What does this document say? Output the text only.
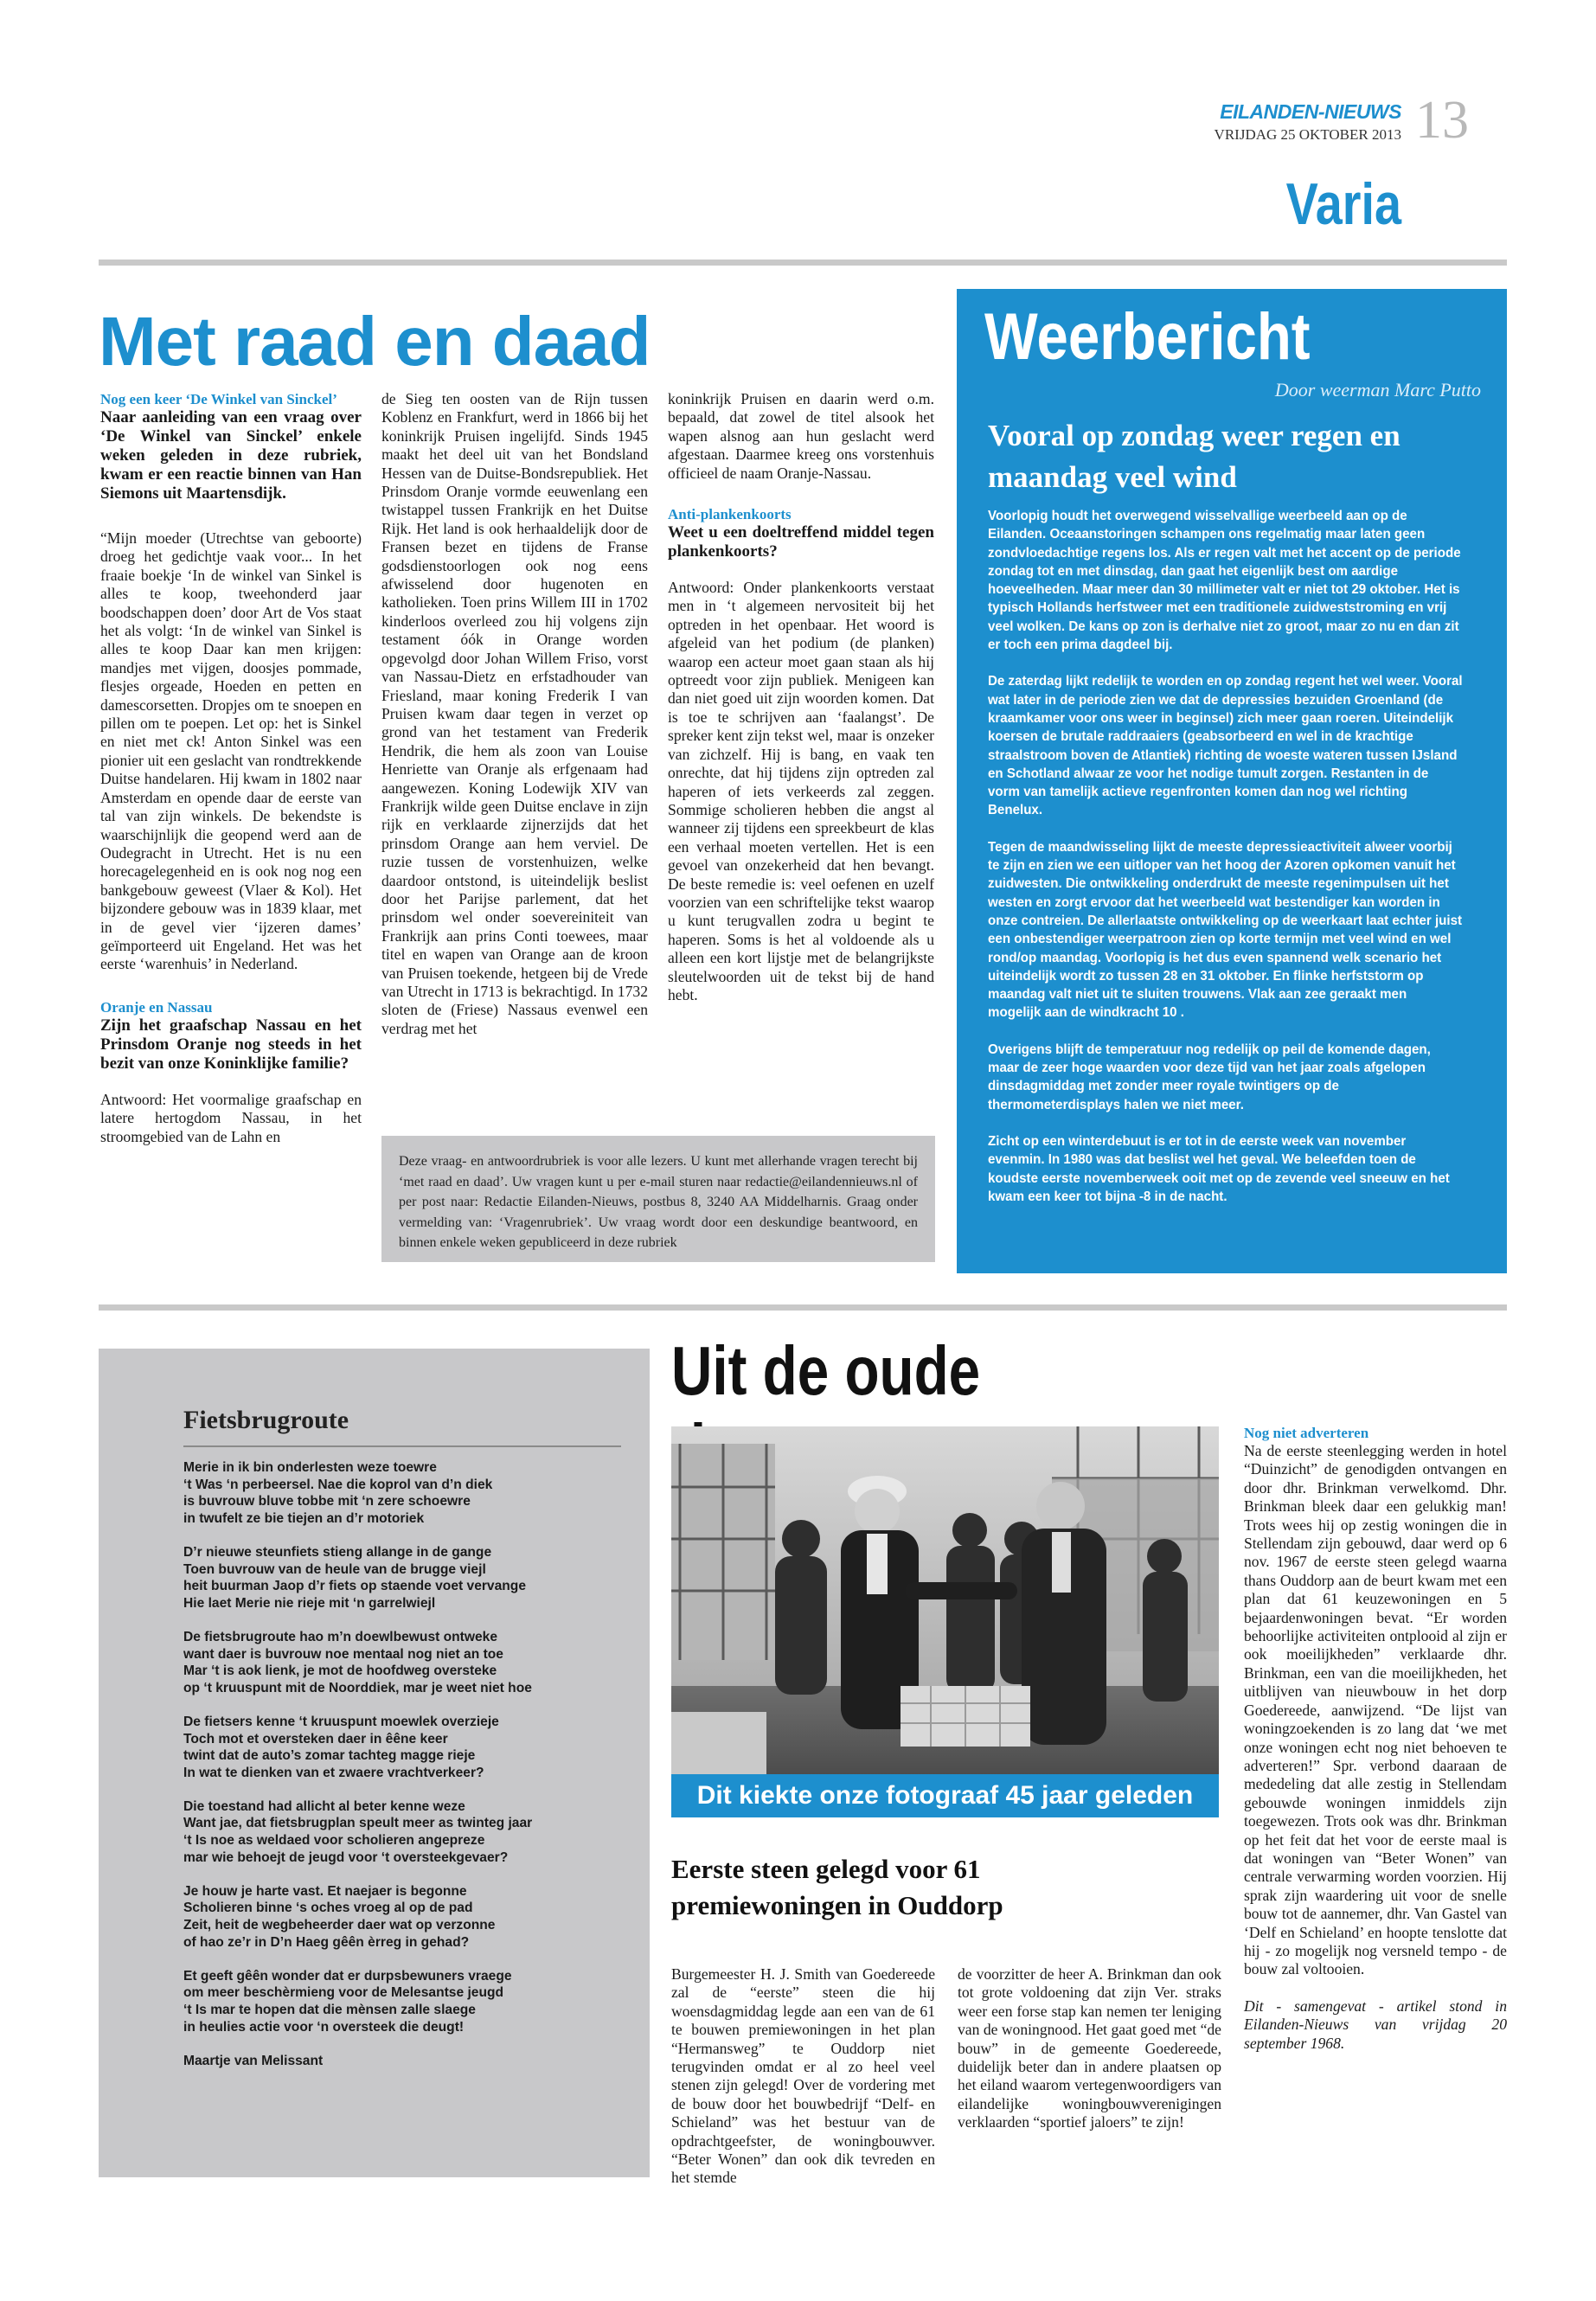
EILANDEN-NIEUWS
VRIJDAG 25 OKTOBER 2013 13
Varia
Met raad en daad

Nog een keer ‘De Winkel van Sinckel’

Naar aanleiding van een vraag over ‘De Winkel van Sinckel’ enkele weken geleden in deze rubriek, kwam er een reactie binnen van Han Siemons uit Maartensdijk.

“Mijn moeder (Utrechtse van geboorte) droeg het gedichtje vaak voor... In het fraaie boekje ‘In de winkel van Sinkel is alles te koop, tweehonderd jaar boodschappen doen’ door Art de Vos staat het als volgt: ‘In de winkel van Sinkel is alles te koop Daar kan men krijgen: mandjes met vijgen, doosjes pommade, flesjes orgeade, Hoeden en petten en damescorsetten. Dropjes om te snoepen en pillen om te poepen. Let op: het is Sinkel en niet met ck! Anton Sinkel was een pionier uit een geslacht van rondtrekkende Duitse handelaren. Hij kwam in 1802 naar Amsterdam en opende daar de eerste van tal van zijn winkels. De bekendste is waarschijnlijk die geopend werd aan de Oudegracht in Utrecht. Het is nu een horecagelegenheid en is ook nog nog een bankgebouw geweest (Vlaer & Kol). Het bijzondere gebouw was in 1839 klaar, met in de gevel vier ‘ijzeren dames’ geïmporteerd uit Engeland. Het was het eerste ‘warenhuis’ in Nederland.

Oranje en Nassau

Zijn het graafschap Nassau en het Prinsdom Oranje nog steeds in het bezit van onze Koninklijke familie?

Antwoord: Het voormalige graafschap en latere hertogdom Nassau, in het stroomgebied van de Lahn en

de Sieg ten oosten van de Rijn tussen Koblenz en Frankfurt, werd in 1866 bij het koninkrijk Pruisen ingelijfd. Sinds 1945 maakt het deel uit van het Bondsland Hessen van de Duitse-Bondsrepubliek. Het Prinsdom Oranje vormde eeuwenlang een twistappel tussen Frankrijk en het Duitse Rijk. Het land is ook herhaaldelijk door de Fransen bezet en tijdens de Franse godsdienstoorlogen ook nog eens afwisselend door hugenoten en katholieken. Toen prins Willem III in 1702 kinderloos overleed zou hij volgens zijn testament óók in Orange worden opgevolgd door Johan Willem Friso, vorst van Nassau-Dietz en erfstadhouder van Friesland, maar koning Frederik I van Pruisen kwam daar tegen in verzet op grond van het testament van Frederik Hendrik, die hem als zoon van Louise Henriette van Oranje als erfgenaam had aangewezen. Koning Lodewijk XIV van Frankrijk wilde geen Duitse enclave in zijn rijk en verklaarde zijnerzijds dat het prinsdom Orange aan hem verviel. De ruzie tussen de vorstenhuizen, welke daardoor ontstond, is uiteindelijk beslist door het Parijse parlement, dat het prinsdom wel onder soevereiniteit van Frankrijk aan prins Conti toewees, maar titel en wapen van Orange aan de kroon van Pruisen toekende, hetgeen bij de Vrede van Utrecht in 1713 is bekrachtigd. In 1732 sloten de (Friese) Nassaus evenwel een verdrag met het

koninkrijk Pruisen en daarin werd o.m. bepaald, dat zowel de titel alsook het wapen alsnog aan hun geslacht werd afgestaan. Daarmee kreeg ons vorstenhuis officieel de naam Oranje-Nassau.

Anti-plankenkoorts

Weet u een doeltreffend middel tegen plankenkoorts?

Antwoord: Onder plankenkoorts verstaat men in ‘t algemeen nervositeit bij het optreden in het openbaar. Het woord is afgeleid van het podium (de planken) waarop een acteur moet gaan staan als hij optreedt voor zijn publiek. Menigeen kan dan niet goed uit zijn woorden komen. Dat is toe te schrijven aan ‘faalangst’. De spreker kent zijn tekst wel, maar is onzeker van zichzelf. Hij is bang, en vaak ten onrechte, dat hij tijdens zijn optreden zal haperen of iets verkeerds zal zeggen. Sommige scholieren hebben die angst al wanneer zij tijdens een spreekbeurt de klas een verhaal moeten vertellen. Het is een gevoel van onzekerheid dat hen bevangt. De beste remedie is: veel oefenen en uzelf voorzien van een schriftelijke tekst waarop u kunt terugvallen zodra u begint te haperen. Soms is het al voldoende als u alleen een kort lijstje met de belangrijkste sleutelwoorden uit de tekst bij de hand hebt.

Deze vraag- en antwoordrubriek is voor alle lezers. U kunt met allerhande vragen terecht bij ‘met raad en daad’. Uw vragen kunt u per e-mail sturen naar redactie@eilandennieuws.nl of per post naar: Redactie Eilanden-Nieuws, postbus 8, 3240 AA Middelharnis. Graag onder vermelding van: ‘Vragenrubriek’. Uw vraag wordt door een deskundige beantwoord, en binnen enkele weken gepubliceerd in deze rubriek

Weerbericht
Door weerman Marc Putto
Vooral op zondag weer regen en maandag veel wind

Voorlopig houdt het overwegend wisselvallige weerbeeld aan op de Eilanden. Oceaanstoringen schampen ons regelmatig maar laten geen zondvloedachtige regens los. Als er regen valt met het accent op de periode zondag tot en met dinsdag, dan gaat het eigenlijk best om aardige hoeveelheden. Maar meer dan 30 millimeter valt er niet tot 29 oktober. Het is typisch Hollands herfstweer met een traditionele zuidweststroming en vrij veel wolken. De kans op zon is derhalve niet zo groot, maar zo nu en dan zit er toch een prima dagdeel bij.

De zaterdag lijkt redelijk te worden en op zondag regent het wel weer. Vooral wat later in de periode zien we dat de depressies bezuiden Groenland (de kraamkamer voor ons weer in beginsel) zich meer gaan roeren. Uiteindelijk koersen de brutale raddraaiers (geabsorbeerd en wel in de krachtige straalstroom boven de Atlantiek) richting de woeste wateren tussen IJsland en Schotland alwaar ze voor het nodige tumult zorgen. Restanten in de vorm van tamelijk actieve regenfronten komen dan nog wel richting Benelux.

Tegen de maandwisseling lijkt de meeste depressieactiviteit alweer voorbij te zijn en zien we een uitloper van het hoog der Azoren opkomen vanuit het zuidwesten. Die ontwikkeling onderdrukt de meeste regenimpulsen uit het westen en zorgt ervoor dat het weerbeeld wat bestendiger kan worden in onze contreien. De allerlaatste ontwikkeling op de weerkaart laat echter juist een onbestendiger weerpatroon zien op korte termijn met veel wind en wel rond/op maandag. Voorlopig is het dus even spannend welk scenario het uiteindelijk wordt zo tussen 28 en 31 oktober. En flinke herfststorm op maandag valt niet uit te sluiten trouwens. Vlak aan zee geraakt men mogelijk aan de windkracht 10 .

Overigens blijft de temperatuur nog redelijk op peil de komende dagen, maar de zeer hoge waarden voor deze tijd van het jaar zoals afgelopen dinsdagmiddag met zonder meer royale twintigers op de thermometerdisplays halen we niet meer.

Zicht op een winterdebuut is er tot in de eerste week van november evenmin. In 1980 was dat beslist wel het geval. We beleefden toen de koudste eerste novemberweek ooit met op de zevende veel sneeuw en het kwam een keer tot bijna -8 in de nacht.

Fietsbrugroute
Merie in ik bin onderlesten weze toewre
‘t Was ‘n perbeersel. Nae die koprol van d’n diek
is buvrouw bluve tobbe mit ‘n zere schoewre
in twufelt ze bie tiejen an d’r motoriek
D’r nieuwe steunfiets stieng allange in de gange
Toen buvrouw van de heule van de brugge viejl
heit buurman Jaop d’r fiets op staende voet vervange
Hie laet Merie nie rieje mit ‘n garrelwiejl
De fietsbrugroute hao m’n doewlbewust ontweke
want daer is buvrouw noe mentaal nog niet an toe
Mar ‘t is aok lienk, je mot de hoofdweg oversteke
op ‘t kruuspunt mit de Noorddiek, mar je weet niet hoe
De fietsers kenne ‘t kruuspunt moewlek overzieje
Toch mot et oversteken daer in êêne keer
twint dat de auto’s zomar tachteg magge rieje
In wat te dienken van et zwaere vrachtverkeer?
Die toestand had allicht al beter kenne weze
Want jae, dat fietsbrugplan speult meer as twinteg jaar
‘t Is noe as weldaed voor scholieren angepreze
mar wie behoejt de jeugd voor ‘t oversteekgevaer?
Je houw je harte vast. Et naejaer is begonne
Scholieren binne ‘s oches vroeg al op de pad
Zeit, heit de wegbeheerder daer wat op verzonne
of hao ze’r in D’n Haeg gêên èrreg in gehad?
Et geeft gêên wonder dat er durpsbewuners vraege
om meer beschèrmieng voor de Melesantse jeugd
‘t Is mar te hopen dat die mènsen zalle slaege
in heulies actie voor ‘n oversteek die deugt!
Maartje van Melissant
Uit de oude
Dit kiekte onze fotograaf 45 jaar geleden
Eerste steen gelegd voor 61 premiewoningen in Ouddorp

Burgemeester H. J. Smith van Goedereede zal de “eerste” steen die hij woensdagmiddag legde aan een van de 61 te bouwen premiewoningen in het plan “Hermansweg” te Ouddorp niet terugvinden omdat er al zo heel veel stenen zijn gelegd! Over de vordering met de bouw door het bouwbedrijf “Delf- en Schieland” was het bestuur van de opdrachtgeefster, de woningbouwver. “Beter Wonen” dan ook dik tevreden en het stemde

de voorzitter de heer A. Brinkman dan ook tot grote voldoening dat zijn Ver. straks weer een forse stap kan nemen ter leniging van de woningnood. Het gaat goed met “de bouw” in de gemeente Goedereede, duidelijk beter dan in andere plaatsen op het eiland waarom vertegenwoordigers van eilandelijke woningbouwverenigingen verklaarden “sportief jaloers” te zijn!

Nog niet adverteren

Na de eerste steenlegging werden in hotel “Duinzicht” de genodigden ontvangen en door dhr. Brinkman verwelkomd. Dhr. Brinkman bleek daar een gelukkig man! Trots wees hij op zestig woningen die in Stellendam zijn gebouwd, daar werd op 6 nov. 1967 de eerste steen gelegd waarna thans Ouddorp aan de beurt kwam met een plan dat 61 keuzewoningen en 5 bejaardenwoningen bevat. “Er worden behoorlijke activiteiten ontplooid al zijn er ook moeilijkheden” verklaarde dhr. Brinkman, een van die moeilijkheden, het uitblijven van nieuwbouw in het dorp Goedereede, aanwijzend. “De lijst van woningzoekenden is zo lang dat ‘we met onze woningen echt nog niet behoeven te adverteren!” Spr. verbond daaraan de mededeling dat alle zestig in Stellendam gebouwde woningen inmiddels zijn toegewezen. Trots ook was dhr. Brinkman op het feit dat het voor de eerste maal is dat woningen van “Beter Wonen” van centrale verwarming worden voorzien. Hij sprak zijn waardering uit voor de snelle bouw tot de aannemer, dhr. Van Gastel van ‘Delf en Schieland’ en hoopte tenslotte dat hij - zo mogelijk nog versneld tempo - de bouw zal voltooien.

Dit - samengevat - artikel stond in Eilanden-Nieuws van vrijdag 20 september 1968.
